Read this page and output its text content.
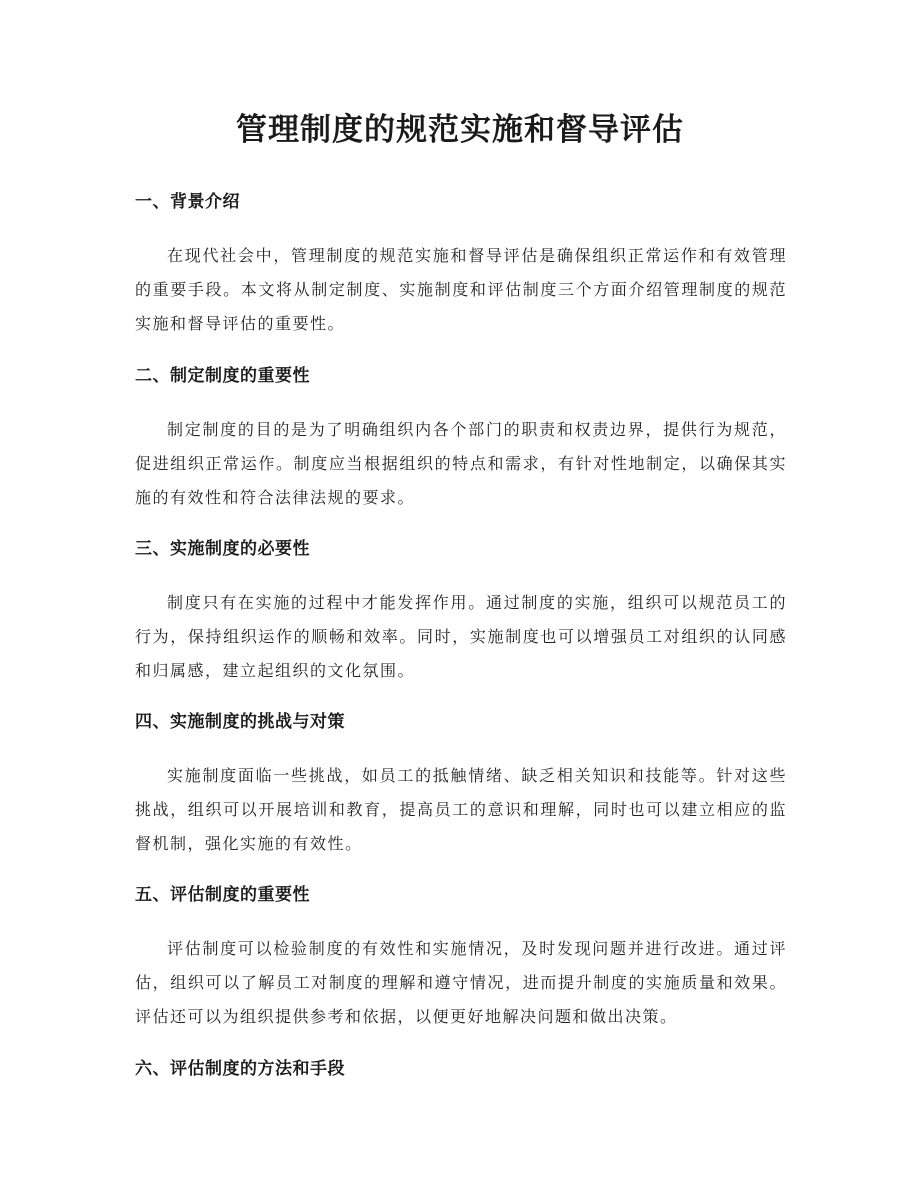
管理制度的规范实施和督导评估
一、背景介绍

在现代社会中，管理制度的规范实施和督导评估是确保组织正常运作和有效管理的重要手段。本文将从制定制度、实施制度和评估制度三个方面介绍管理制度的规范实施和督导评估的重要性。

二、制定制度的重要性

制定制度的目的是为了明确组织内各个部门的职责和权责边界，提供行为规范，促进组织正常运作。制度应当根据组织的特点和需求，有针对性地制定，以确保其实施的有效性和符合法律法规的要求。

三、实施制度的必要性

制度只有在实施的过程中才能发挥作用。通过制度的实施，组织可以规范员工的行为，保持组织运作的顺畅和效率。同时，实施制度也可以增强员工对组织的认同感和归属感，建立起组织的文化氛围。

四、实施制度的挑战与对策

实施制度面临一些挑战，如员工的抵触情绪、缺乏相关知识和技能等。针对这些挑战，组织可以开展培训和教育，提高员工的意识和理解，同时也可以建立相应的监督机制，强化实施的有效性。

五、评估制度的重要性

评估制度可以检验制度的有效性和实施情况，及时发现问题并进行改进。通过评估，组织可以了解员工对制度的理解和遵守情况，进而提升制度的实施质量和效果。评估还可以为组织提供参考和依据，以便更好地解决问题和做出决策。

六、评估制度的方法和手段
